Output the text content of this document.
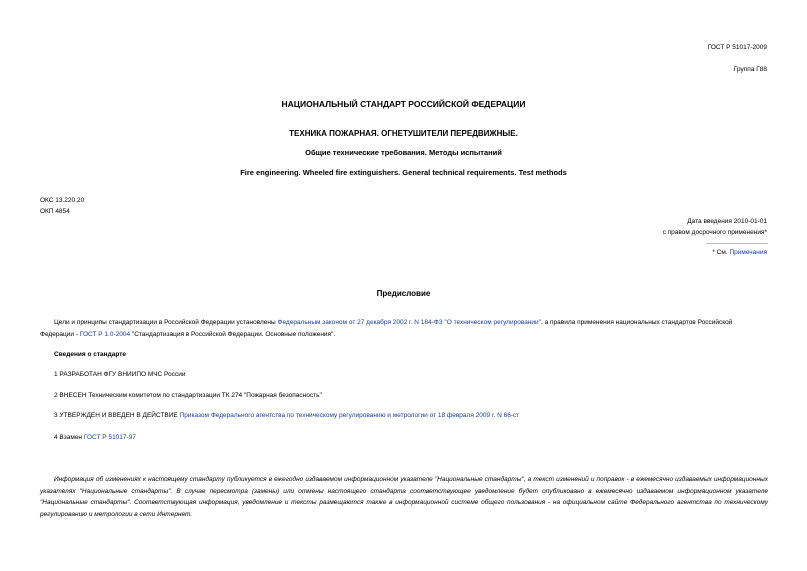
ГОСТ Р 51017-2009
Группа Г88
НАЦИОНАЛЬНЫЙ СТАНДАРТ РОССИЙСКОЙ ФЕДЕРАЦИИ
ТЕХНИКА ПОЖАРНАЯ. ОГНЕТУШИТЕЛИ ПЕРЕДВИЖНЫЕ.
Общие технические требования. Методы испытаний
Fire engineering. Wheeled fire extinguishers. General technical requirements. Test methods
ОКС 13.220.20
ОКП 4854
Дата введения 2010-01-01
с правом досрочного применения*
* См. Примечания
Предисловие
Цели и принципы стандартизации в Российской Федерации установлены Федеральным законом от 27 декабря 2002 г. N 184-ФЗ "О техническом регулировании", а правила применения национальных стандартов Российской Федерации - ГОСТ Р 1.0-2004 "Стандартизация в Российской Федерации. Основные положения".
Сведения о стандарте
1 РАЗРАБОТАН ФГУ ВНИИПО МЧС России
2 ВНЕСЕН Техническим комитетом по стандартизации ТК 274 "Пожарная безопасность"
3 УТВЕРЖДЕН И ВВЕДЕН В ДЕЙСТВИЕ Приказом Федерального агентства по техническому регулированию и метрологии от 18 февраля 2009 г. N 66-ст
4 Взамен ГОСТ Р 51017-97
Информация об изменениях к настоящему стандарту публикуется в ежегодно издаваемом информационном указателе "Национальные стандарты", а текст изменений и поправок - в ежемесячно издаваемых информационных указателях "Национальные стандарты". В случае пересмотра (замены) или отмены настоящего стандарта соответствующее уведомление будет опубликовано в ежемесячно издаваемом информационном указателе "Национальные стандарты". Соответствующая информация, уведомление и тексты размещаются также в информационной системе общего пользования - на официальном сайте Федерального агентства по техническому регулированию и метрологии в сети Интернет.
